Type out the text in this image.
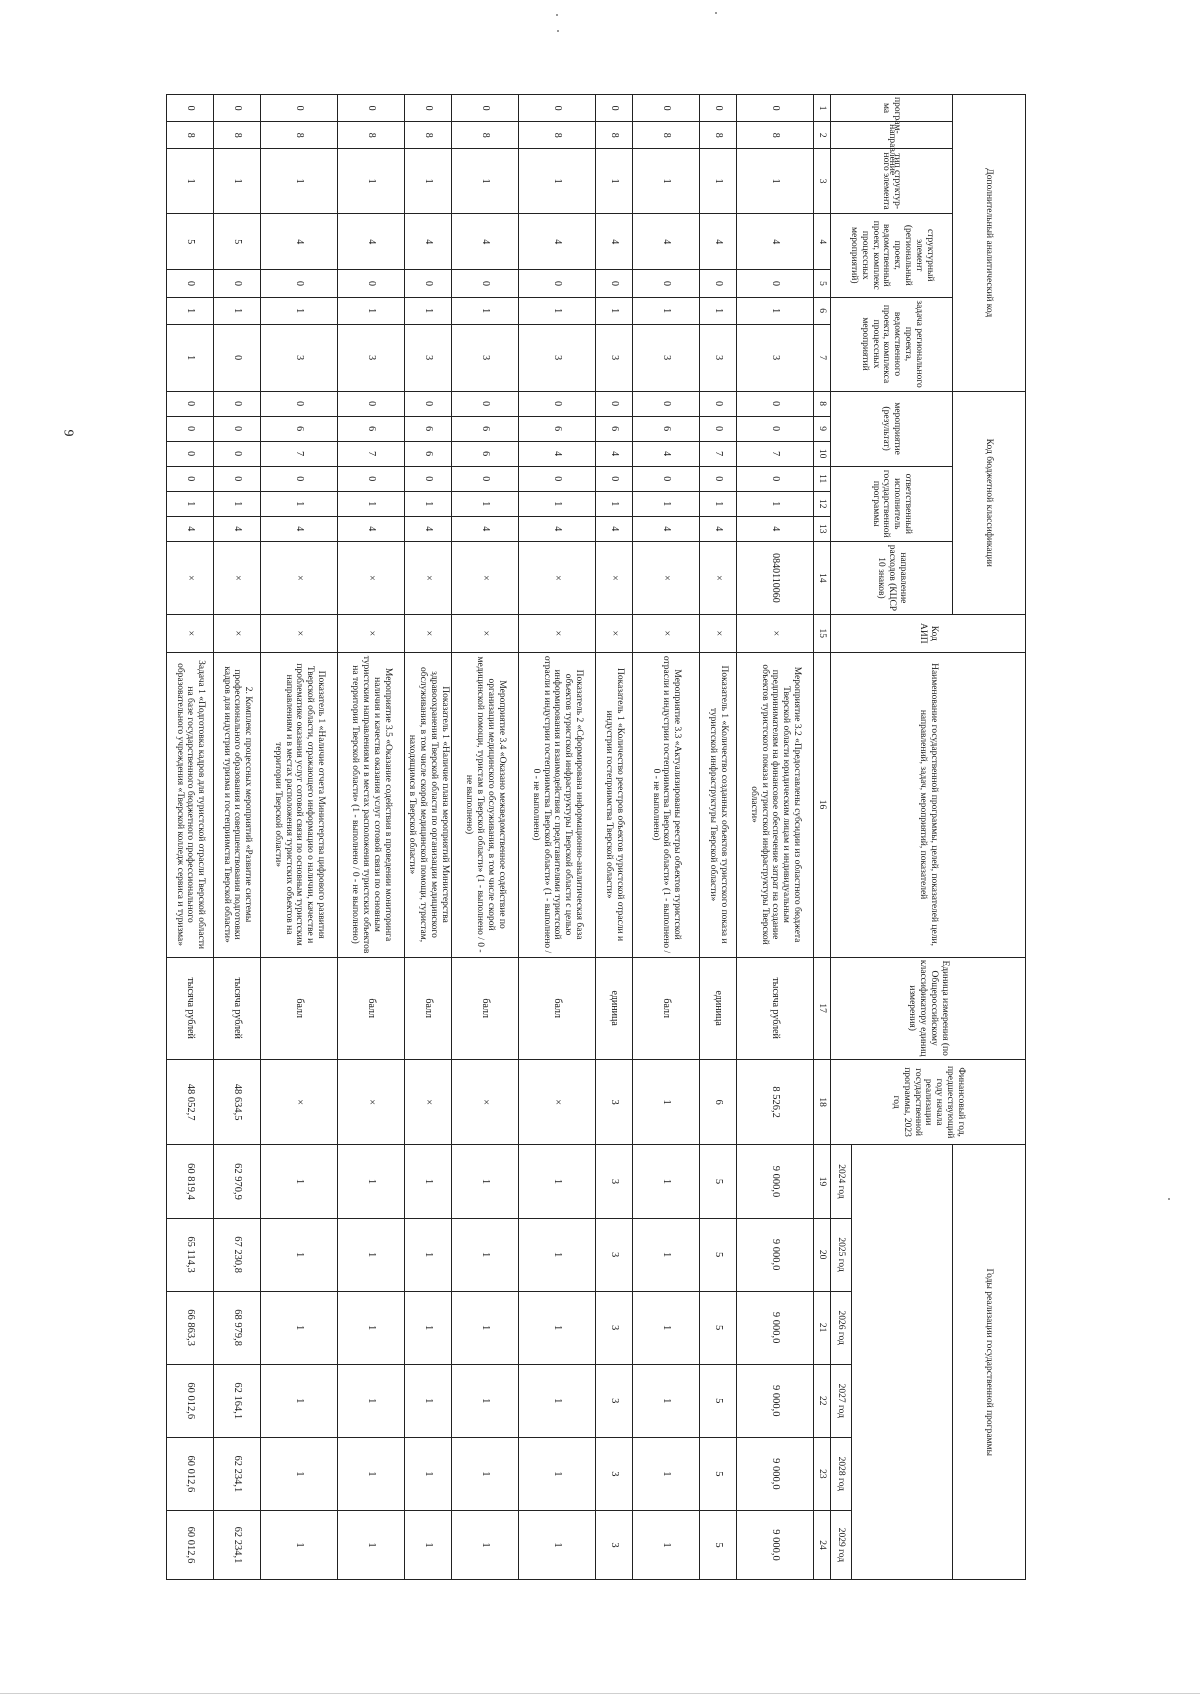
9
Дополнительный аналитический код							Код бюджетной классификации							Код АИП	Наименование государственной программы, целей, показателей цели, направлений, задач, мероприятий, показателей	Единица измерения (по Общероссийскому классификатору единиц измерения)	Финансовый год, предшествующий году начала реализации государственной программы, 2023 год	Годы реализации государственной программы					
програм-ма	направление	тип структур-ного элемента	структурный элемент (региональный проект, ведомственный проект, комплекс процессных мероприятий)		задача регионального проекта, ведомственного проекта, комплекса процессных мероприятий		мероприятие (результат)			ответственный исполнитель государственной программы			направление расходов (КЦСР 10 знаков)										
																		2024 год	2025 год	2026 год	2027 год	2028 год	2029 год
1	2	3	4	5	6	7	8	9	10	11	12	13	14	15	16	17	18	19	20	21	22	23	24
0	8	1	4	0	1	3	0	0	7	0	1	4	0840110060	×	Мероприятие 3.2 «Предоставлены субсидии из областного бюджета Тверской области юридическим лицам и индивидуальным предпринимателям на финансовое обеспечение затрат на создание объектов туристского показа и туристской инфраструктуры Тверской области»	тысяча рублей	8 526,2	9 000,0	9 000,0	9 000,0	9 000,0	9 000,0	9 000,0
0	8	1	4	0	1	3	0	0	7	0	1	4	×	×	Показатель 1 «Количество созданных объектов туристского показа и туристской инфраструктуры Тверской области»	единица	6	5	5	5	5	5	5
0	8	1	4	0	1	3	0	6	4	0	1	4	×	×	Мероприятие 3.3 «Актуализированы реестры объектов туристской отрасли и индустрии гостеприимства Тверской области» (1 - выполнено / 0 - не выполнено)	балл	1	1	1	1	1	1	1
0	8	1	4	0	1	3	0	6	4	0	1	4	×	×	Показатель 1 «Количество реестров объектов туристской отрасли и индустрии гостеприимства Тверской области»	единица	3	3	3	3	3	3	3
0	8	1	4	0	1	3	0	6	4	0	1	4	×	×	Показатель 2 «Сформирована информационно-аналитическая база объектов туристской инфраструктуры Тверской области с целью информирования и взаимодействия с представителями туристской отрасли и индустрии гостеприимства Тверской области» (1 - выполнено / 0 - не выполнено)	балл	×	1	1	1	1	1	1
0	8	1	4	0	1	3	0	6	6	0	1	4	×	×	Мероприятие 3.4 «Оказано межведомственное содействие по организации медицинского обслуживания, в том числе скорой медицинской помощи, туристам в Тверской области» (1 - выполнено / 0 - не выполнено)	балл	×	1	1	1	1	1	1
0	8	1	4	0	1	3	0	6	6	0	1	4	×	×	Показатель 1 «Наличие плана мероприятий Министерства здравоохранения Тверской области по организации медицинского обслуживания, в том числе скорой медицинской помощи, туристам, находящимся в Тверской области»	балл	×	1	1	1	1	1	1
0	8	1	4	0	1	3	0	6	7	0	1	4	×	×	Мероприятие 3.5 «Оказание содействия в проведении мониторинга наличия и качества оказания услуг сотовой связи по основным туристским направлениям и в местах расположения туристских объектов на территории Тверской области» (1 - выполнено / 0 - не выполнено)	балл	×	1	1	1	1	1	1
0	8	1	4	0	1	3	0	6	7	0	1	4	×	×	Показатель 1 «Наличие отчета Министерства цифрового развития Тверской области, отражающего информацию о наличии, качестве и проблематике оказания услуг сотовой связи по основным туристским направлениям и в местах расположения туристских объектов на территории Тверской области»	балл	×	1	1	1	1	1	1
0	8	1	5	0	1	0	0	0	0	0	1	4	×	×	2. Комплекс процессных мероприятий «Развитие системы профессионального образования и совершенствования подготовки кадров для индустрии туризма и гостеприимства Тверской области»	тысяча рублей	48 634,5	62 970,9	67 230,8	68 979,8	62 164,1	62 234,1	62 234,1
0	8	1	5	0	1	1	0	0	0	0	1	4	×	×	Задача 1 «Подготовка кадров для туристской отрасли Тверской области на базе государственного бюджетного профессионального образовательного учреждения «Тверской колледж сервиса и туризма»	тысяча рублей	48 052,7	60 819,4	65 114,3	66 863,3	60 012,6	60 012,6	60 012,6
